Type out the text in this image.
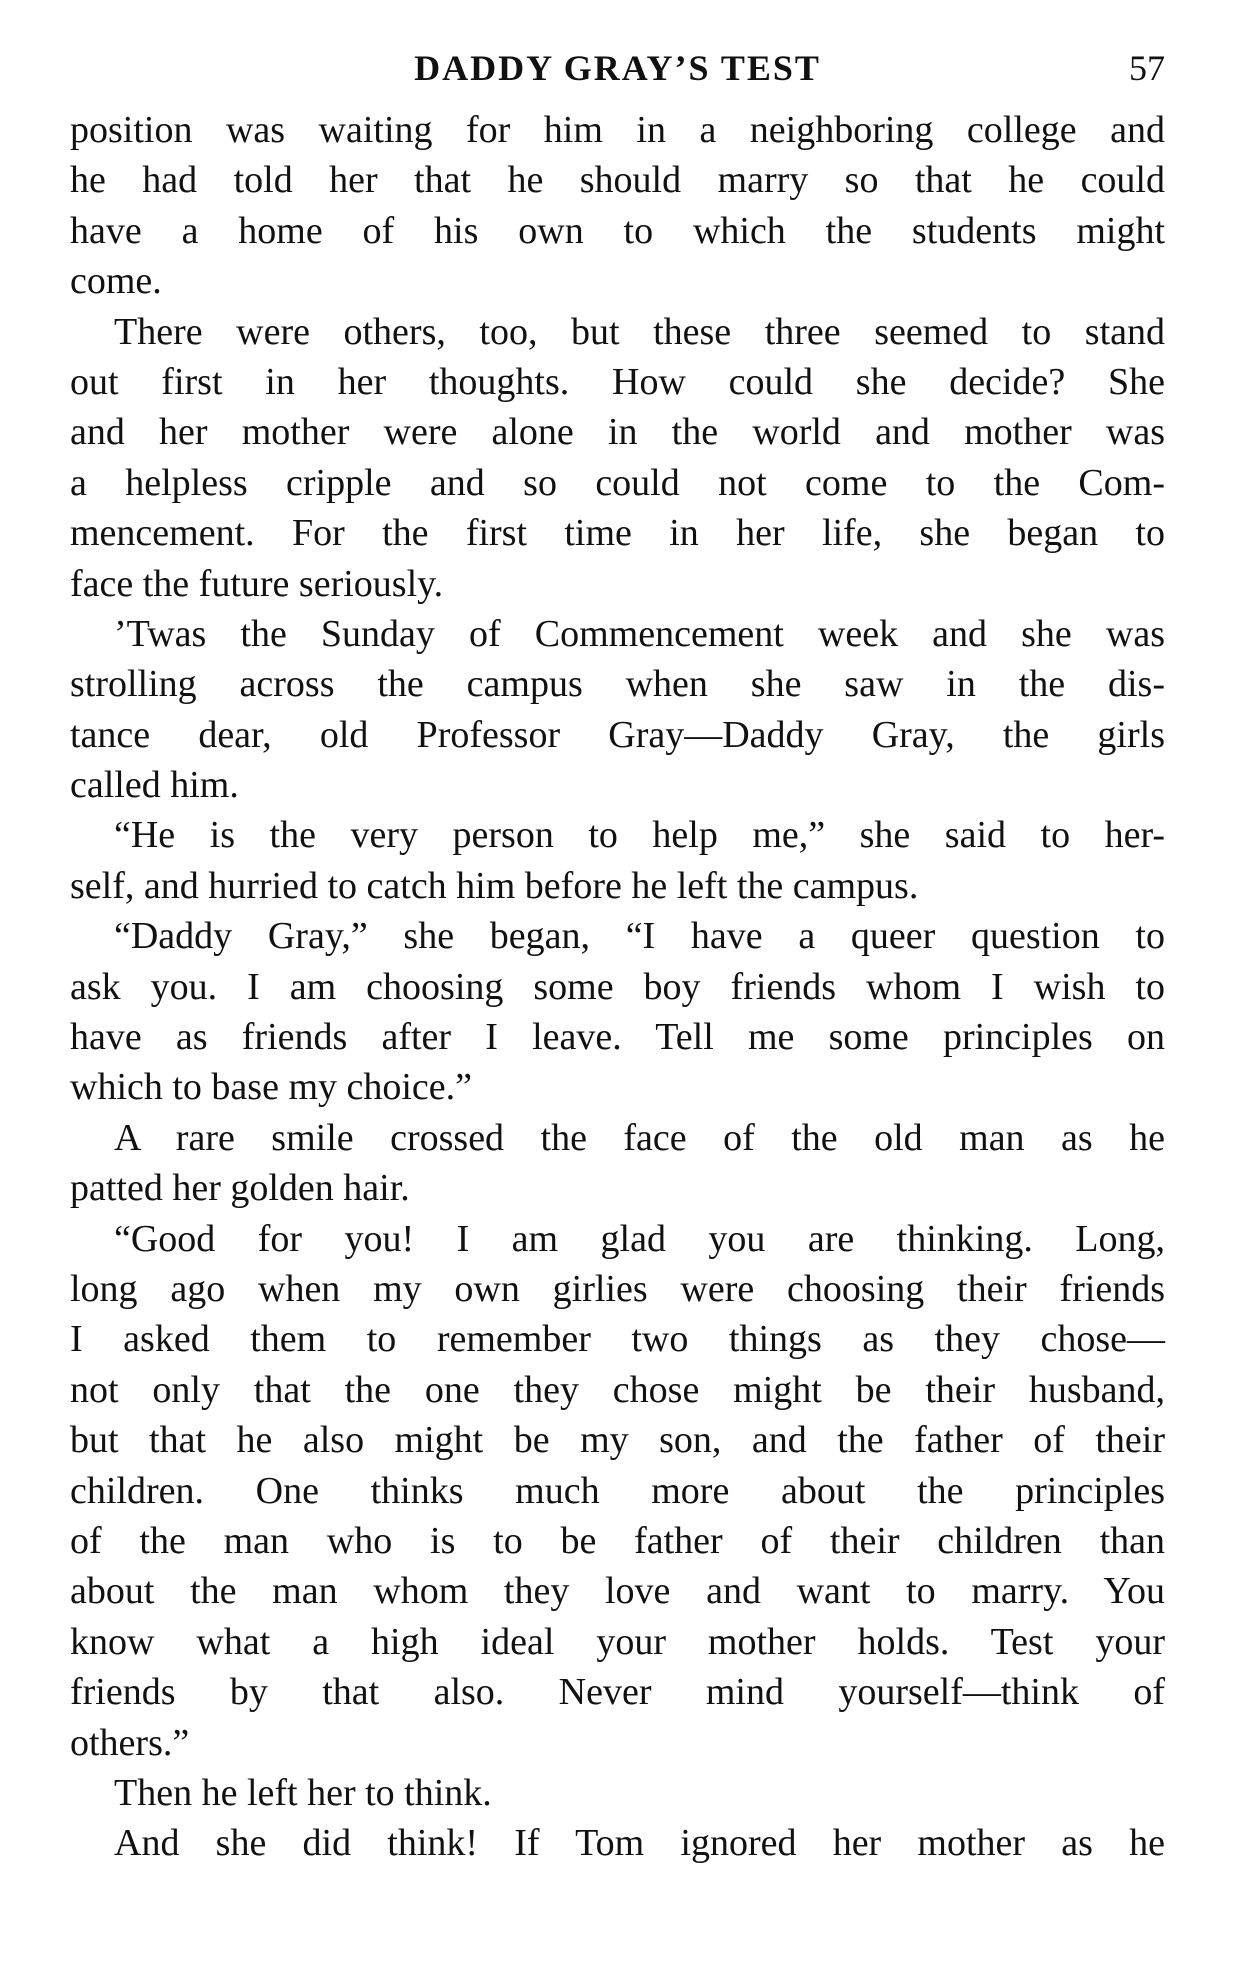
DADDY GRAY’S TEST	57
position was waiting for him in a neighboring college and
he had told her that he should marry so that he could
have a home of his own to which the students might
come.
There were others, too, but these three seemed to stand
out first in her thoughts. How could she decide? She
and her mother were alone in the world and mother was
a helpless cripple and so could not come to the Com-
mencement. For the first time in her life, she began to
face the future seriously.
’Twas the Sunday of Commencement week and she was
strolling across the campus when she saw in the dis-
tance dear, old Professor Gray—Daddy Gray, the girls
called him.
“He is the very person to help me,” she said to her-
self, and hurried to catch him before he left the campus.
“Daddy Gray,” she began, “I have a queer question to
ask you. I am choosing some boy friends whom I wish to
have as friends after I leave. Tell me some principles on
which to base my choice.”
A rare smile crossed the face of the old man as he
patted her golden hair.
“Good for you! I am glad you are thinking. Long,
long ago when my own girlies were choosing their friends
I asked them to remember two things as they chose—
not only that the one they chose might be their husband,
but that he also might be my son, and the father of their
children. One thinks much more about the principles
of the man who is to be father of their children than
about the man whom they love and want to marry. You
know what a high ideal your mother holds. Test your
friends by that also. Never mind yourself—think of
others.”
Then he left her to think.
And she did think! If Tom ignored her mother as he
